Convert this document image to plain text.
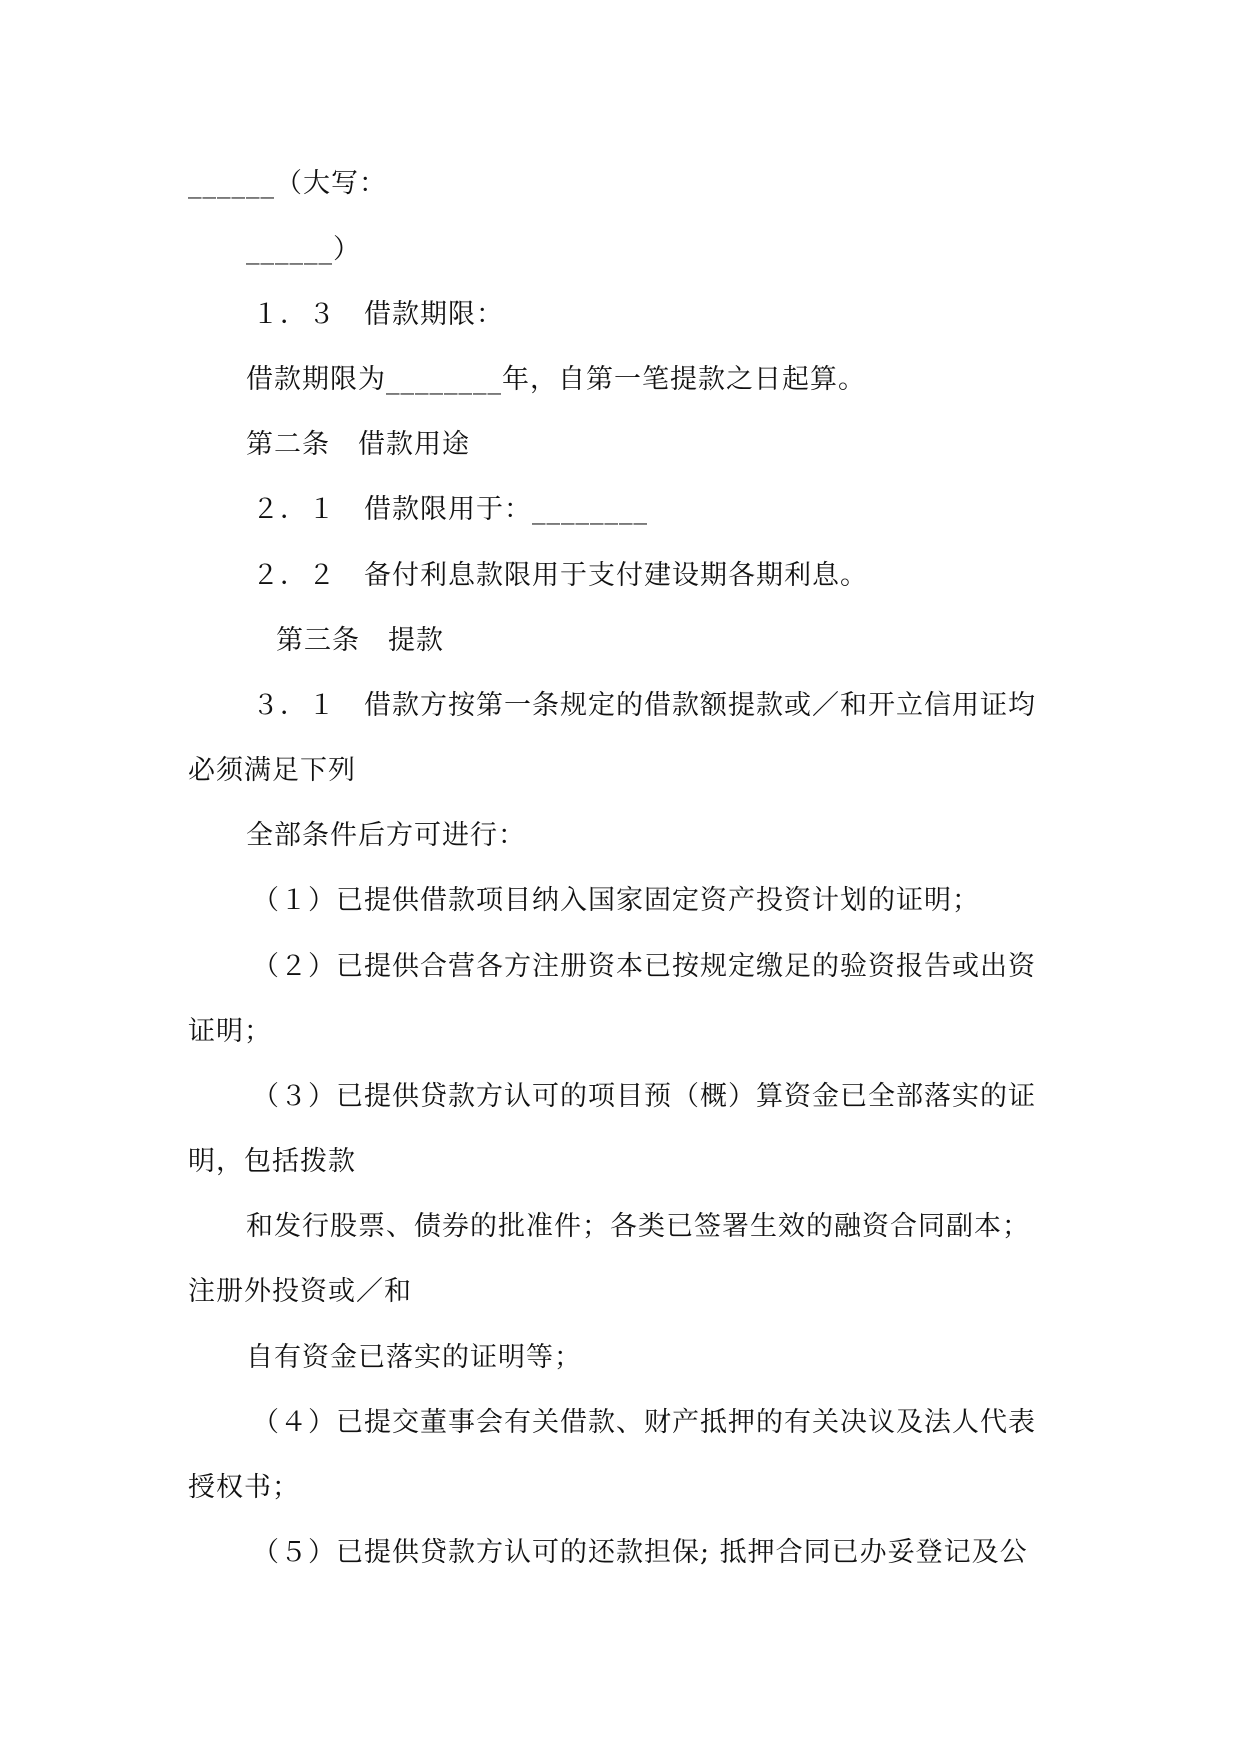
______（大写：
______）
１．３　借款期限：
借款期限为________年，自第一笔提款之日起算。
第二条　借款用途
２．１　借款限用于：________
２．２　备付利息款限用于支付建设期各期利息。
第三条　提款
３．１　借款方按第一条规定的借款额提款或／和开立信用证均
必须满足下列
全部条件后方可进行：
（１）已提供借款项目纳入国家固定资产投资计划的证明；
（２）已提供合营各方注册资本已按规定缴足的验资报告或出资
证明；
（３）已提供贷款方认可的项目预（概）算资金已全部落实的证
明，包括拨款
和发行股票、债券的批准件；各类已签署生效的融资合同副本；
注册外投资或／和
自有资金已落实的证明等；
（４）已提交董事会有关借款、财产抵押的有关决议及法人代表
授权书；
（５）已提供贷款方认可的还款担保; 抵押合同已办妥登记及公
